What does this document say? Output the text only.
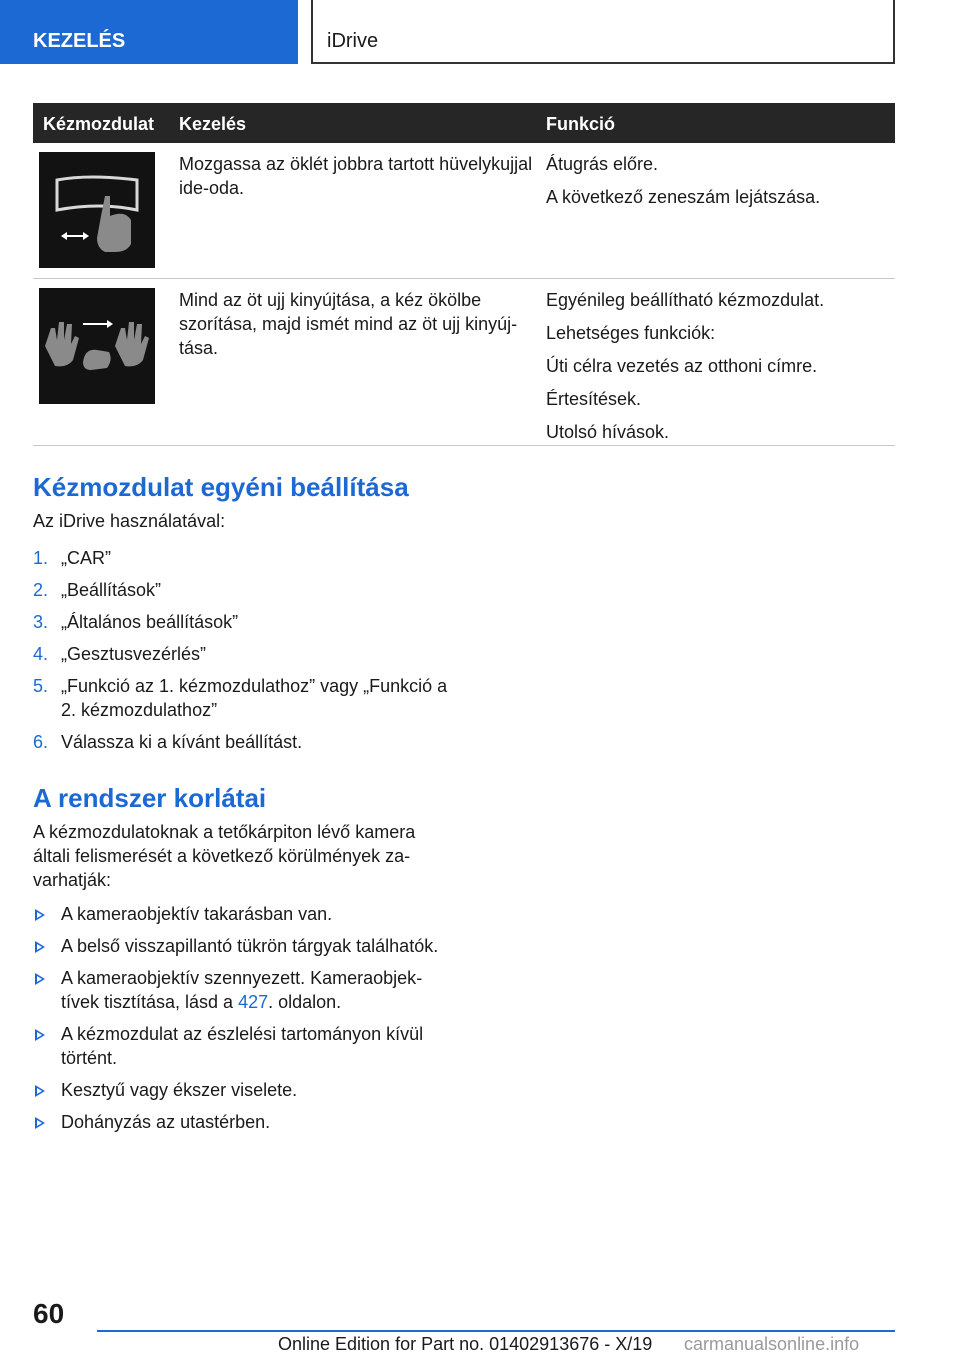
KEZELÉS	iDrive
Kézmozdulat Kezelés	Funkció
Mozgassa az öklét jobbra tartott hüvelykujjal ide-oda.

Átugrás előre.

A következő zeneszám lejátszása.

Mind az öt ujj kinyújtása, a kéz ökölbe szorítása, majd ismét mind az öt ujj kinyújtása.

Egyénileg beállítható kézmozdulat.

Lehetséges funkciók:

Úti célra vezetés az otthoni címre.

Értesítések.

Utolsó hívások.

Kézmozdulat egyéni beállítása
Az iDrive használatával:
1. „CAR”
2. „Beállítások”
3. „Általános beállítások”
4. „Gesztusvezérlés”
5. „Funkció az 1. kézmozdulathoz” vagy „Funkció a 2. kézmozdulathoz”
6. Válassza ki a kívánt beállítást.
A rendszer korlátai
A kézmozdulatoknak a tetőkárpiton lévő kamera általi felismerését a következő körülmények zavarhatják:
A kameraobjektív takarásban van.
A belső visszapillantó tükrön tárgyak találhatók.
A kameraobjektív szennyezett. Kameraobjektívek tisztítása, lásd a 427. oldalon.
A kézmozdulat az észlelési tartományon kívül történt.
Kesztyű vagy ékszer viselete.
Dohányzás az utastérben.
60
Online Edition for Part no. 01402913676 - X/19 carmanualsonline.info
